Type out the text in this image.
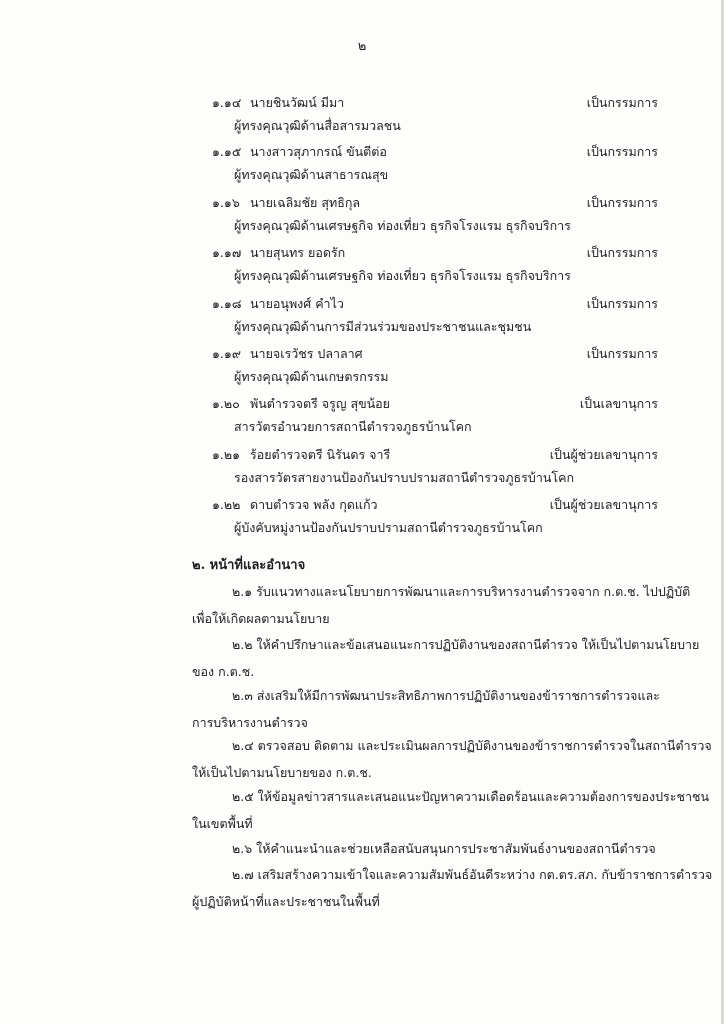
๒
๑.๑๔ นายชินวัฒน์ มีมา	เป็นกรรมการ
ผู้ทรงคุณวุฒิด้านสื่อสารมวลชน
๑.๑๕ นางสาวสุภากรณ์ ขันตีต่อ	เป็นกรรมการ
ผู้ทรงคุณวุฒิด้านสาธารณสุข
๑.๑๖ นายเฉลิมชัย สุทธิกุล	เป็นกรรมการ
ผู้ทรงคุณวุฒิด้านเศรษฐกิจ ท่องเที่ยว ธุรกิจโรงแรม ธุรกิจบริการ
๑.๑๗ นายสุนทร ยอดรัก	เป็นกรรมการ
ผู้ทรงคุณวุฒิด้านเศรษฐกิจ ท่องเที่ยว ธุรกิจโรงแรม ธุรกิจบริการ
๑.๑๘ นายอนุพงศ์ คำไว	เป็นกรรมการ
ผู้ทรงคุณวุฒิด้านการมีส่วนร่วมของประชาชนและชุมชน
๑.๑๙ นายจเรวัชร ปลาลาศ	เป็นกรรมการ
ผู้ทรงคุณวุฒิด้านเกษตรกรรม
๑.๒๐ พันตำรวจตรี จรูญ สุขน้อย	เป็นเลขานุการ
สารวัตรอำนวยการสถานีตำรวจภูธรบ้านโคก
๑.๒๑ ร้อยตำรวจตรี นิรันดร จารี	เป็นผู้ช่วยเลขานุการ
รองสารวัตรสายงานป้องกันปราบปรามสถานีตำรวจภูธรบ้านโคก
๑.๒๒ ดาบตำรวจ พลัง กุดแก้ว	เป็นผู้ช่วยเลขานุการ
ผู้บังคับหมู่งานป้องกันปราบปรามสถานีตำรวจภูธรบ้านโคก
๒. หน้าที่และอำนาจ
๒.๑ รับแนวทางและนโยบายการพัฒนาและการบริหารงานตำรวจจาก ก.ต.ช. ไปปฏิบัติ
เพื่อให้เกิดผลตามนโยบาย
๒.๒ ให้คำปรึกษาและข้อเสนอแนะการปฏิบัติงานของสถานีตำรวจ ให้เป็นไปตามนโยบาย
ของ ก.ต.ช.
๒.๓ ส่งเสริมให้มีการพัฒนาประสิทธิภาพการปฏิบัติงานของข้าราชการตำรวจและ
การบริหารงานตำรวจ
๒.๔ ตรวจสอบ ติดตาม และประเมินผลการปฏิบัติงานของข้าราชการตำรวจในสถานีตำรวจ
ให้เป็นไปตามนโยบายของ ก.ต.ช.
๒.๕ ให้ข้อมูลข่าวสารและเสนอแนะปัญหาความเดือดร้อนและความต้องการของประชาชน
ในเขตพื้นที่
๒.๖ ให้คำแนะนำและช่วยเหลือสนับสนุนการประชาสัมพันธ์งานของสถานีตำรวจ
๒.๗ เสริมสร้างความเข้าใจและความสัมพันธ์อันดีระหว่าง กต.ตร.สภ. กับข้าราชการตำรวจ
ผู้ปฏิบัติหน้าที่และประชาชนในพื้นที่
